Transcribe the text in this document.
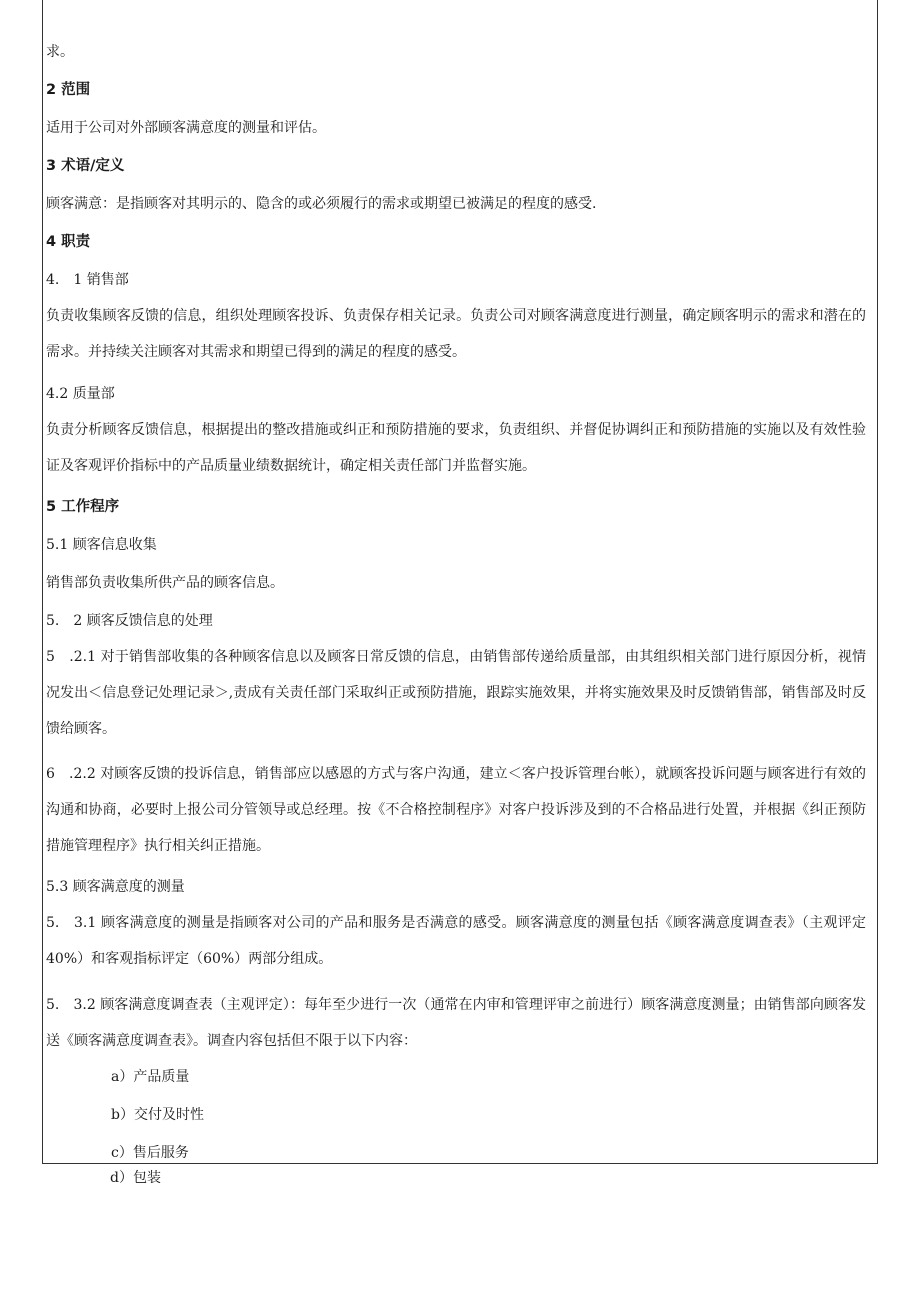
求。
2 范围
适用于公司对外部顾客满意度的测量和评估。
3 术语/定义
顾客满意：是指顾客对其明示的、隐含的或必须履行的需求或期望已被满足的程度的感受.
4 职责
4.　1 销售部
负责收集顾客反馈的信息，组织处理顾客投诉、负责保存相关记录。负责公司对顾客满意度进行测量，确定顾客明示的需求和潜在的需求。并持续关注顾客对其需求和期望已得到的满足的程度的感受。
4.2 质量部
负责分析顾客反馈信息，根据提出的整改措施或纠正和预防措施的要求，负责组织、并督促协调纠正和预防措施的实施以及有效性验证及客观评价指标中的产品质量业绩数据统计，确定相关责任部门并监督实施。
5 工作程序
5.1 顾客信息收集
销售部负责收集所供产品的顾客信息。
5.　2 顾客反馈信息的处理
5　.2.1 对于销售部收集的各种顾客信息以及顾客日常反馈的信息，由销售部传递给质量部，由其组织相关部门进行原因分析，视情况发出＜信息登记处理记录＞,责成有关责任部门采取纠正或预防措施，跟踪实施效果，并将实施效果及时反馈销售部，销售部及时反馈给顾客。
6　.2.2 对顾客反馈的投诉信息，销售部应以感恩的方式与客户沟通，建立＜客户投诉管理台帐），就顾客投诉问题与顾客进行有效的沟通和协商，必要时上报公司分管领导或总经理。按《不合格控制程序》对客户投诉涉及到的不合格品进行处置，并根据《纠正预防措施管理程序》执行相关纠正措施。
5.3 顾客满意度的测量
5.　3.1 顾客满意度的测量是指顾客对公司的产品和服务是否满意的感受。顾客满意度的测量包括《顾客满意度调查表》（主观评定 40%）和客观指标评定（60%）两部分组成。
5.　3.2 顾客满意度调查表（主观评定）：每年至少进行一次（通常在内审和管理评审之前进行）顾客满意度测量；由销售部向顾客发送《顾客满意度调查表》。调查内容包括但不限于以下内容：
a）产品质量
b）交付及时性
c）售后服务
d）包装
